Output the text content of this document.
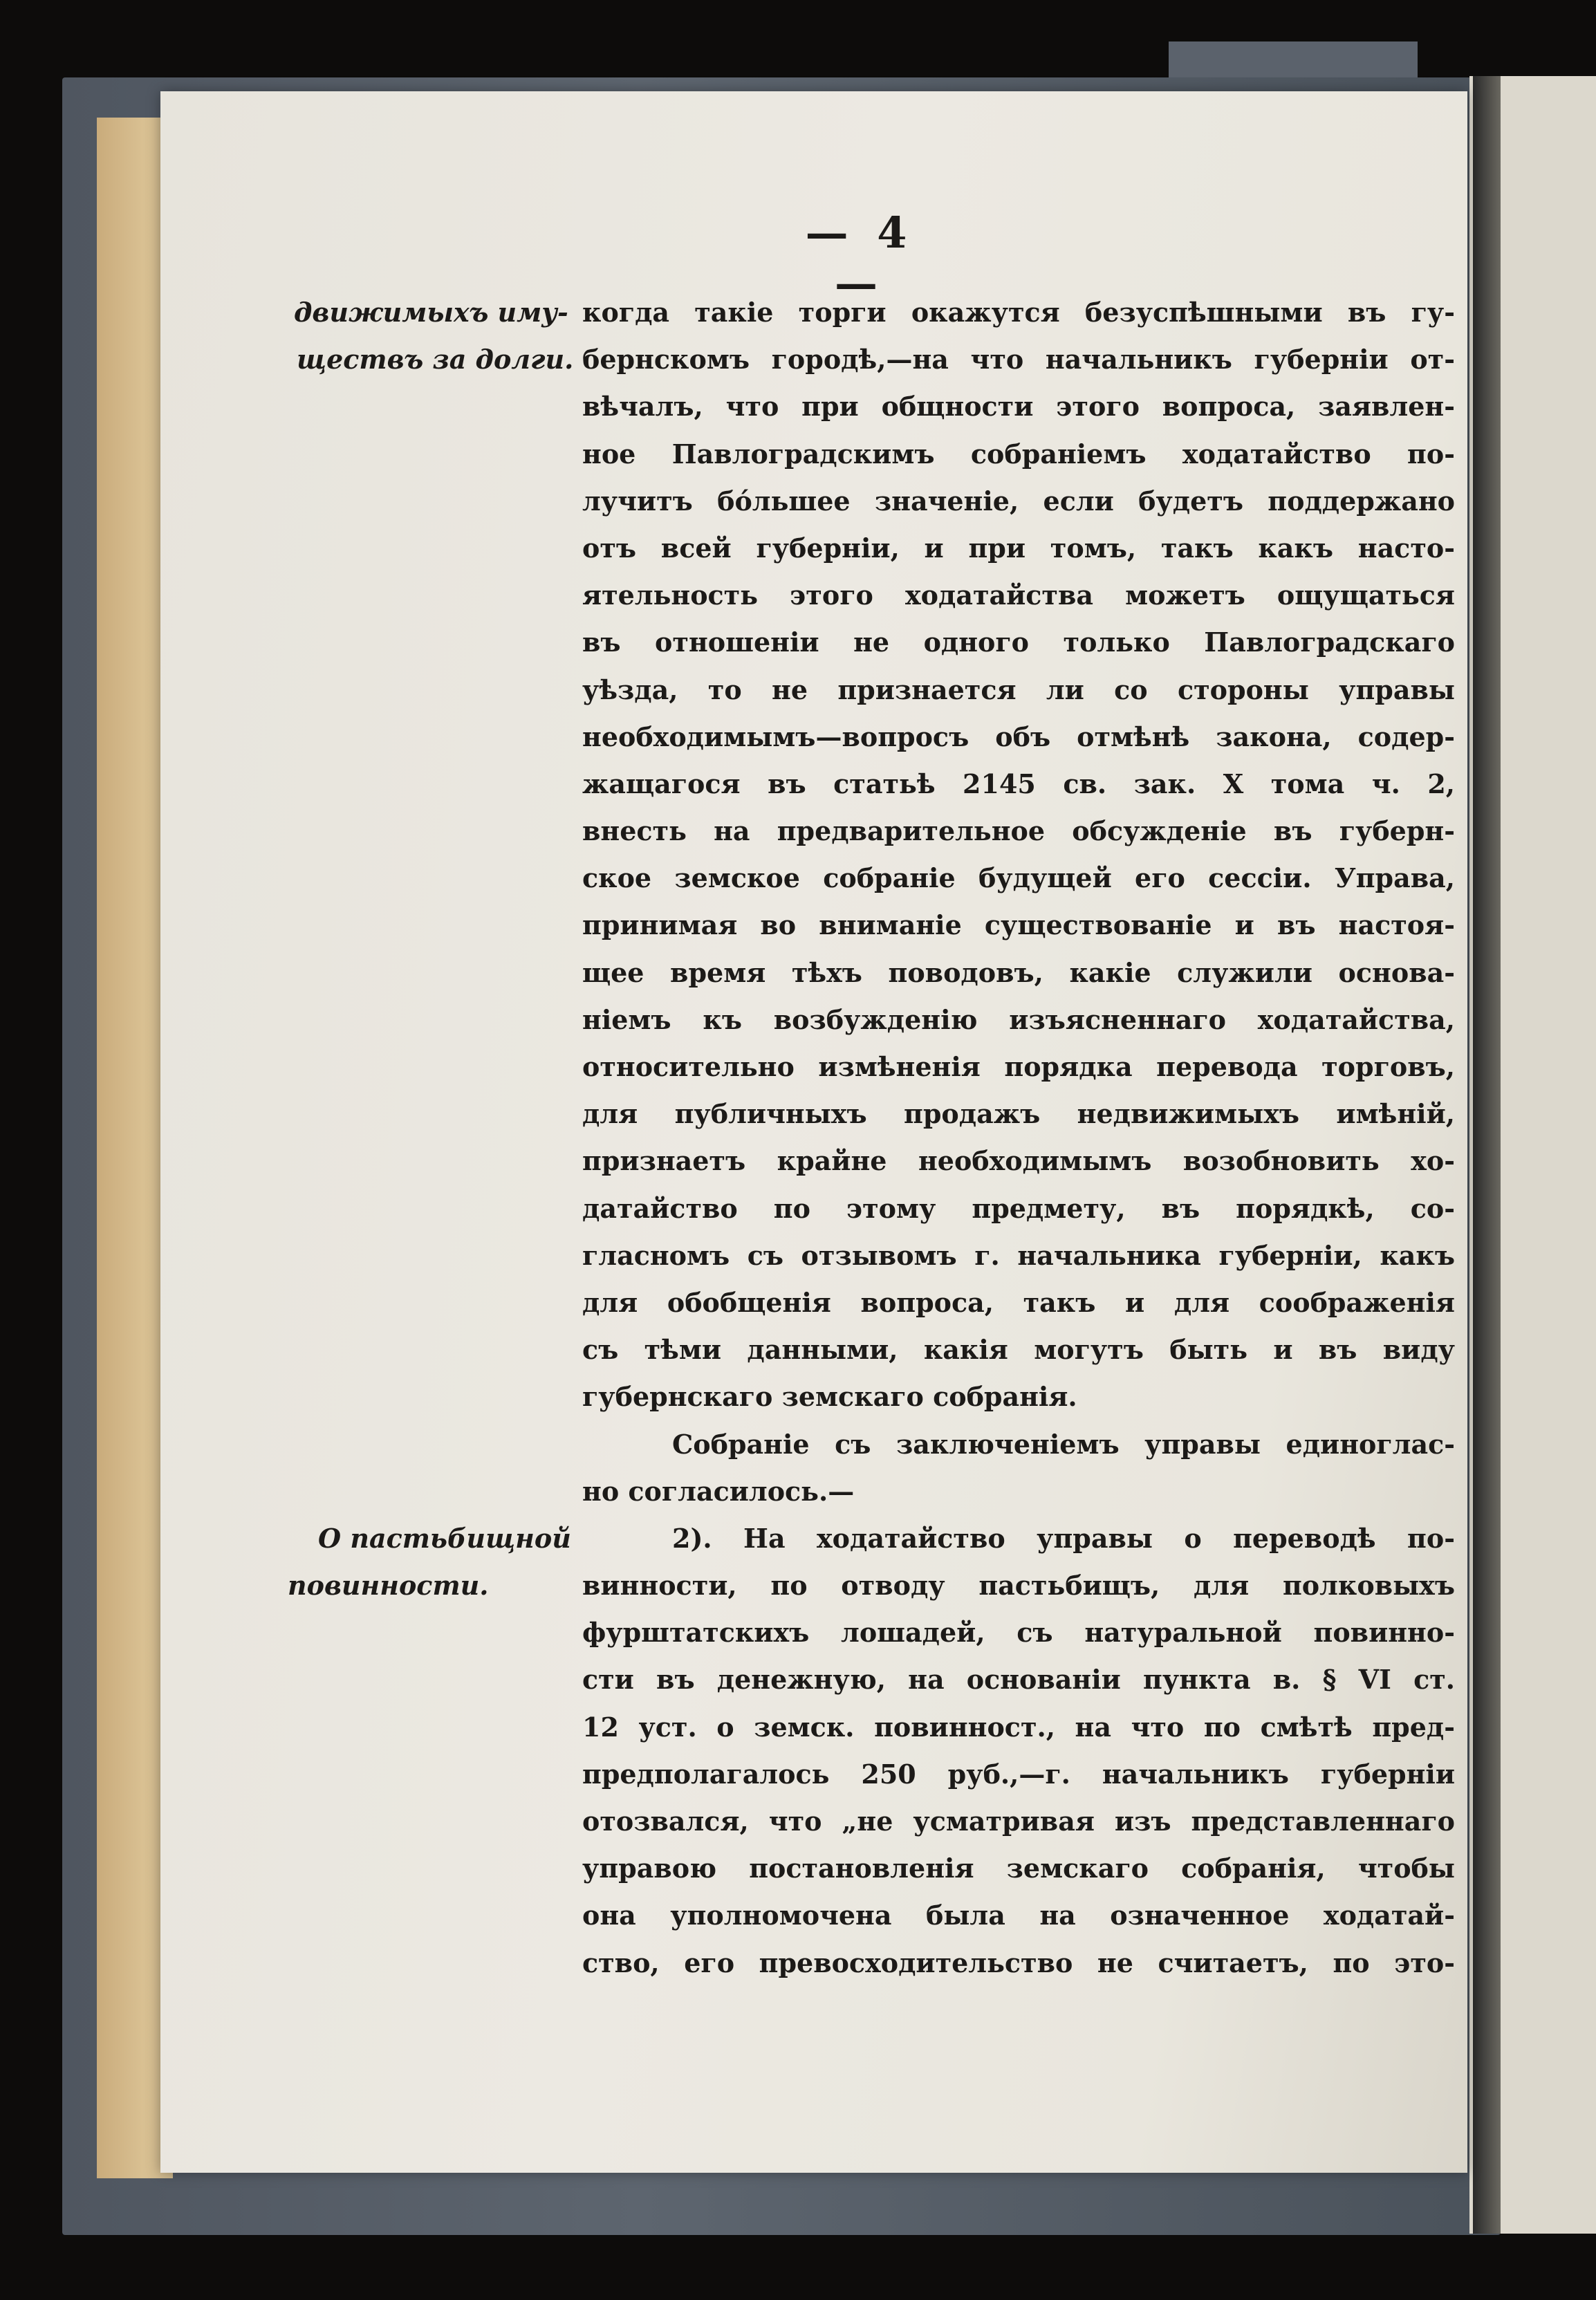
— 4 —
движимыхъ иму-
ществъ за долги.
О пастьбищной
повинности.
когда такіе торги окажутся безуспѣшными въ гу-
бернскомъ городѣ,—на что начальникъ губерніи от-
вѣчалъ, что при общности этого вопроса, заявлен-
ное Павлоградскимъ собраніемъ ходатайство по-
лучитъ бо́льшее значеніе, если будетъ поддержано
отъ всей губерніи, и при томъ, такъ какъ насто-
ятельность этого ходатайства можетъ ощущаться
въ отношеніи не одного только Павлоградскаго
уѣзда, то не признается ли со стороны управы
необходимымъ—вопросъ объ отмѣнѣ закона, содер-
жащагося въ статьѣ 2145 св. зак. X тома ч. 2,
внесть на предварительное обсужденіе въ губерн-
ское земское собраніе будущей его сессіи. Управа,
принимая во вниманіе существованіе и въ настоя-
щее время тѣхъ поводовъ, какіе служили основа-
ніемъ къ возбужденію изъясненнаго ходатайства,
относительно измѣненія порядка перевода торговъ,
для публичныхъ продажъ недвижимыхъ имѣній,
признаетъ крайне необходимымъ возобновить хо-
датайство по этому предмету, въ порядкѣ, со-
гласномъ съ отзывомъ г. начальника губерніи, какъ
для обобщенія вопроса, такъ и для соображенія
съ тѣми данными, какія могутъ быть и въ виду
губернскаго земскаго собранія.
Собраніе съ заключеніемъ управы единоглас-
но согласилось.—
2). На ходатайство управы о переводѣ по-
винности, по отводу пастьбищъ, для полковыхъ
фурштатскихъ лошадей, съ натуральной повинно-
сти въ денежную, на основаніи пункта в. § VI ст.
12 уст. о земск. повинност., на что по смѣтѣ пред-
предполагалось 250 руб.,—г. начальникъ губерніи
отозвался, что „не усматривая изъ представленнаго
управою постановленія земскаго собранія, чтобы
она уполномочена была на означенное ходатай-
ство, его превосходительство не считаетъ, по это-
